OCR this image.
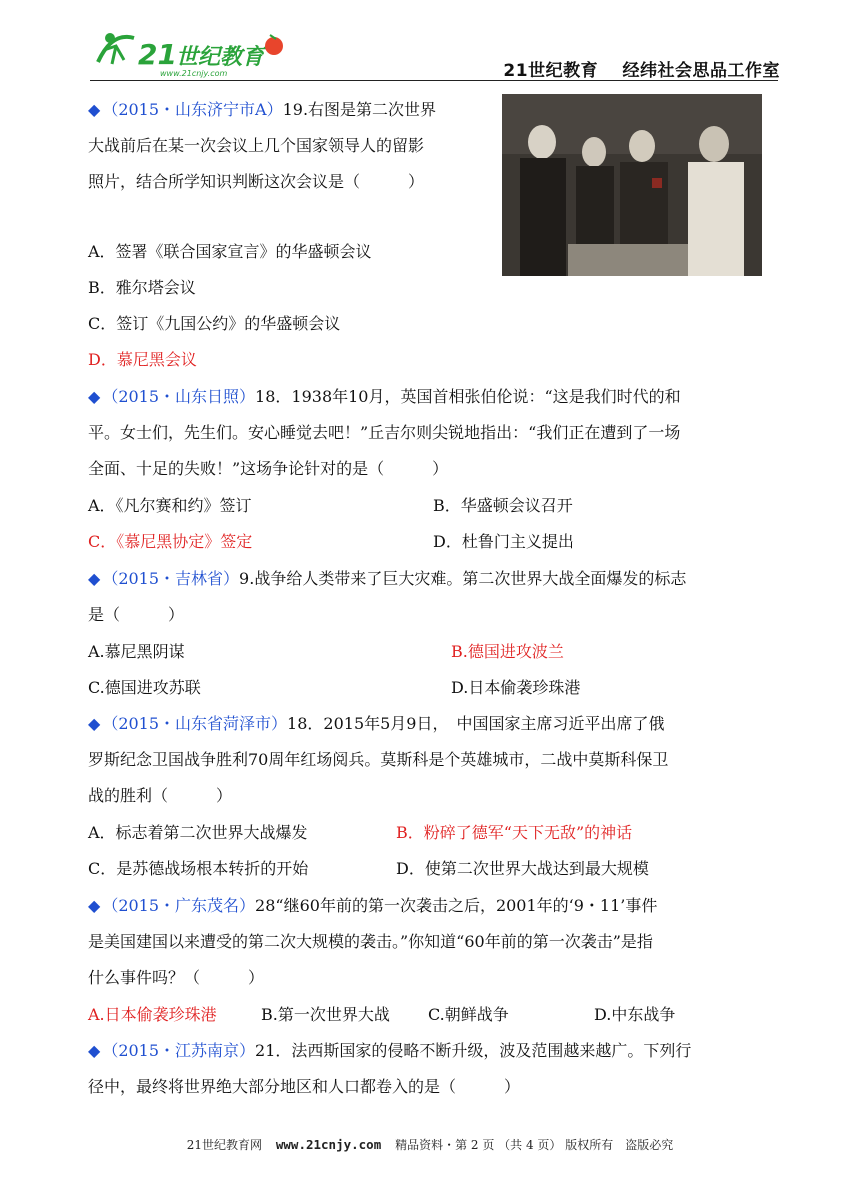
21 世纪教育
www.21cnjy.com	21世纪教育 经纬社会思品工作室
◆ （2015・山东济宁市A）19.右图是第二次世界
大战前后在某一次会议上几个国家领导人的留影
照片，结合所学知识判断这次会议是（　　　）
A．签署《联合国家宣言》的华盛顿会议
B．雅尔塔会议
C．签订《九国公约》的华盛顿会议
D．慕尼黑会议
◆ （2015・山东日照）18．1938年10月，英国首相张伯伦说：“这是我们时代的和
平。女士们，先生们。安心睡觉去吧！”丘吉尔则尖锐地指出：“我们正在遭到了一场
全面、十足的失败！”这场争论针对的是（　　　）
A．《凡尔赛和约》签订	B．华盛顿会议召开
C．《慕尼黑协定》签定	D．杜鲁门主义提出
◆ （2015・吉林省）9.战争给人类带来了巨大灾难。第二次世界大战全面爆发的标志
是（　　　）
A.慕尼黑阴谋	B.德国进攻波兰
C.德国进攻苏联	D.日本偷袭珍珠港
◆ （2015・山东省菏泽市）18．2015年5月9日，　中国国家主席习近平出席了俄
罗斯纪念卫国战争胜利70周年红场阅兵。莫斯科是个英雄城市，二战中莫斯科保卫
战的胜利（　　　）
A．标志着第二次世界大战爆发	B．粉碎了德军“天下无敌”的神话
C．是苏德战场根本转折的开始	D．使第二次世界大战达到最大规模
◆ （2015・广东茂名）28“继60年前的第一次袭击之后，2001年的‘9・11’事件
是美国建国以来遭受的第二次大规模的袭击。”你知道“60年前的第一次袭击”是指
什么事件吗？（　　　）
A.日本偷袭珍珠港	B.第一次世界大战 C.朝鲜战争	D.中东战争
◆ （2015・江苏南京）21．法西斯国家的侵略不断升级，波及范围越来越广。下列行
径中，最终将世界绝大部分地区和人口都卷入的是（　　　）
21世纪教育网 www.21cnjy.com 精品资料・第 2 页 （共 4 页） 版权所有　盗版必究
